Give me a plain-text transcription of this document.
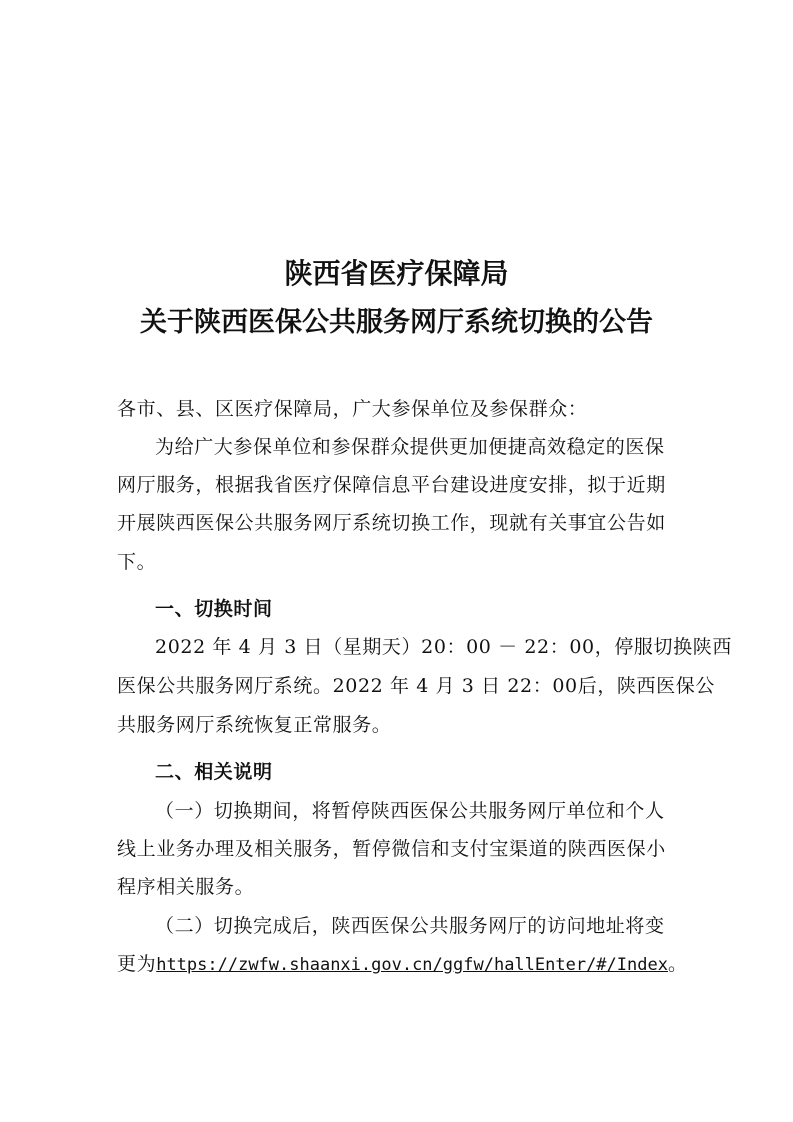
陕西省医疗保障局
关于陕西医保公共服务网厅系统切换的公告
各市、县、区医疗保障局，广大参保单位及参保群众：
为给广大参保单位和参保群众提供更加便捷高效稳定的医保
网厅服务，根据我省医疗保障信息平台建设进度安排，拟于近期
开展陕西医保公共服务网厅系统切换工作，现就有关事宜公告如
下。
一、切换时间
2022 年 4 月 3 日（星期天）20：00 － 22：00，停服切换陕西
医保公共服务网厅系统。2022 年 4 月 3 日 22：00后，陕西医保公
共服务网厅系统恢复正常服务。
二、相关说明
（一）切换期间，将暂停陕西医保公共服务网厅单位和个人
线上业务办理及相关服务，暂停微信和支付宝渠道的陕西医保小
程序相关服务。
（二）切换完成后，陕西医保公共服务网厅的访问地址将变
更为https://zwfw.shaanxi.gov.cn/ggfw/hallEnter/#/Index。
